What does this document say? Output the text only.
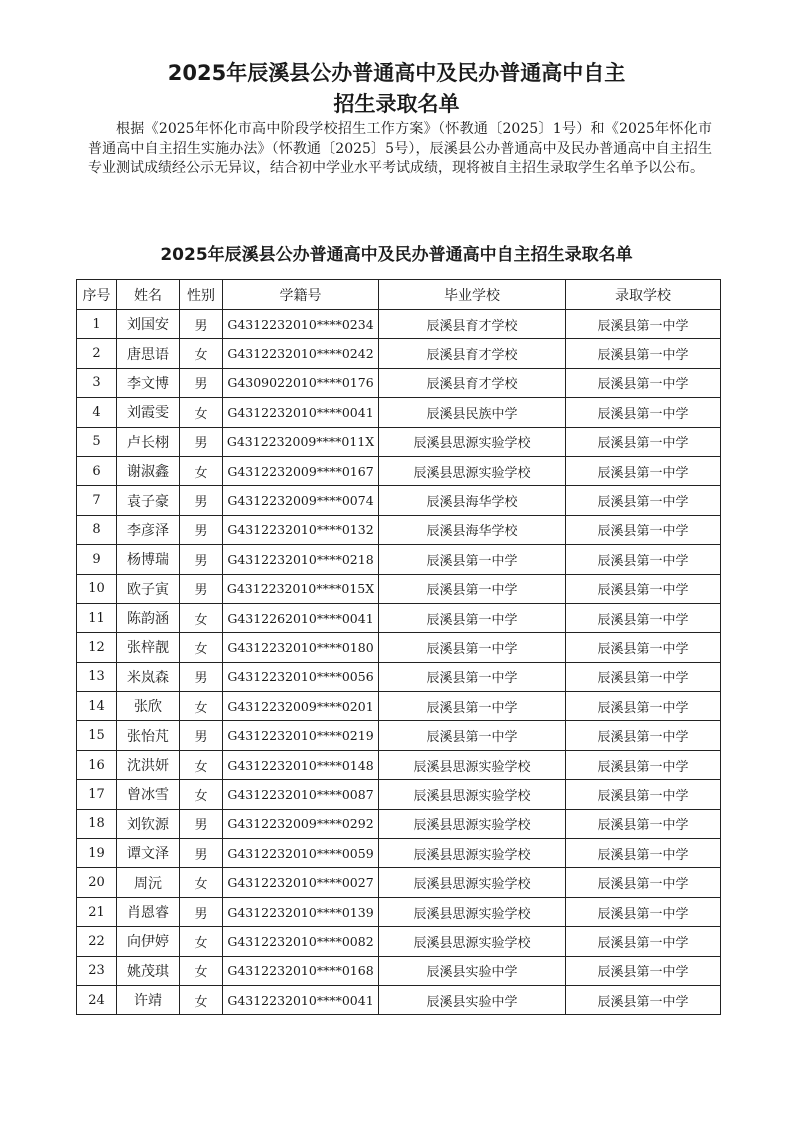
2025年辰溪县公办普通高中及民办普通高中自主
招生录取名单
根据《2025年怀化市高中阶段学校招生工作方案》（怀教通〔2025〕1号）和《2025年怀化市普通高中自主招生实施办法》（怀教通〔2025〕5号），辰溪县公办普通高中及民办普通高中自主招生专业测试成绩经公示无异议，结合初中学业水平考试成绩，现将被自主招生录取学生名单予以公布。
2025年辰溪县公办普通高中及民办普通高中自主招生录取名单
序号	姓名	性别	学籍号	毕业学校	录取学校
1	刘国安	男	G4312232010****0234	辰溪县育才学校	辰溪县第一中学
2	唐思语	女	G4312232010****0242	辰溪县育才学校	辰溪县第一中学
3	李文博	男	G4309022010****0176	辰溪县育才学校	辰溪县第一中学
4	刘霞雯	女	G4312232010****0041	辰溪县民族中学	辰溪县第一中学
5	卢长栩	男	G4312232009****011X	辰溪县思源实验学校	辰溪县第一中学
6	谢淑鑫	女	G4312232009****0167	辰溪县思源实验学校	辰溪县第一中学
7	袁子豪	男	G4312232009****0074	辰溪县海华学校	辰溪县第一中学
8	李彦泽	男	G4312232010****0132	辰溪县海华学校	辰溪县第一中学
9	杨博瑞	男	G4312232010****0218	辰溪县第一中学	辰溪县第一中学
10	欧子寅	男	G4312232010****015X	辰溪县第一中学	辰溪县第一中学
11	陈韵涵	女	G4312262010****0041	辰溪县第一中学	辰溪县第一中学
12	张梓靓	女	G4312232010****0180	辰溪县第一中学	辰溪县第一中学
13	米岚森	男	G4312232010****0056	辰溪县第一中学	辰溪县第一中学
14	张欣	女	G4312232009****0201	辰溪县第一中学	辰溪县第一中学
15	张怡芃	男	G4312232010****0219	辰溪县第一中学	辰溪县第一中学
16	沈洪妍	女	G4312232010****0148	辰溪县思源实验学校	辰溪县第一中学
17	曾冰雪	女	G4312232010****0087	辰溪县思源实验学校	辰溪县第一中学
18	刘钦源	男	G4312232009****0292	辰溪县思源实验学校	辰溪县第一中学
19	谭文泽	男	G4312232010****0059	辰溪县思源实验学校	辰溪县第一中学
20	周沅	女	G4312232010****0027	辰溪县思源实验学校	辰溪县第一中学
21	肖恩睿	男	G4312232010****0139	辰溪县思源实验学校	辰溪县第一中学
22	向伊婷	女	G4312232010****0082	辰溪县思源实验学校	辰溪县第一中学
23	姚茂琪	女	G4312232010****0168	辰溪县实验中学	辰溪县第一中学
24	许靖	女	G4312232010****0041	辰溪县实验中学	辰溪县第一中学
